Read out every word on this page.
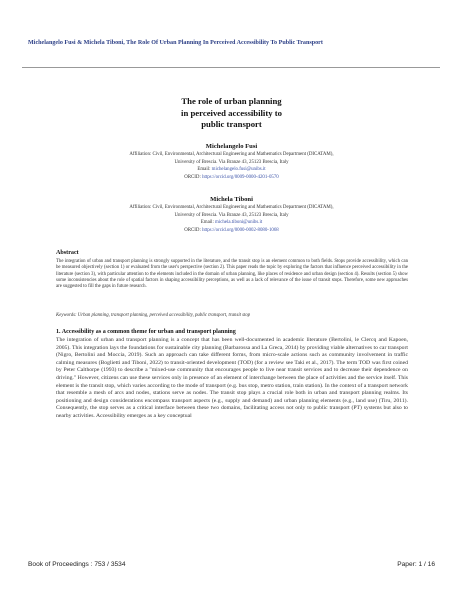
Michelangelo Fusi & Michela Tiboni, The Role Of Urban Planning In Perceived Accessibility To Public Transport
The role of urban planning
in perceived accessibility to
public transport
Michelangelo Fusi
Affiliation: Civil, Environmental, Architectural Engineering and Mathematics Department (DICATAM),
University of Brescia. Via Branze 43, 25123 Brescia, Italy
Email: michelangelo.fusi@unibs.it
ORCID: https://orcid.org/0009-0000-4201-0570
Michela Tiboni
Affiliation: Civil, Environmental, Architectural Engineering and Mathematics Department (DICATAM),
University of Brescia. Via Branze 43, 25123 Brescia, Italy
Email: michela.tiboni@unibs.it
ORCID: https://orcid.org/0000-0002-8080-1068
Abstract

The integration of urban and transport planning is strongly supported in the literature, and the transit stop is an element common to both fields. Stops provide accessibility, which can be measured objectively (section 1) or evaluated from the user's perspective (section 2). This paper reads the topic by exploring the factors that influence perceived accessibility in the literature (section 3), with particular attention to the elements included in the domain of urban planning, like places of residence and urban design (section 4). Results (section 5) show some inconsistencies about the role of spatial factors in shaping accessibility perceptions, as well as a lack of relevance of the issue of transit stops. Therefore, some new approaches are suggested to fill the gaps in future research.

Keywords: Urban planning, transport planning, perceived accessibility, public transport, transit stop

1. Accessibility as a common theme for urban and transport planning

The integration of urban and transport planning is a concept that has been well-documented in academic literature (Bertolini, le Clercq and Kapoen, 2005). This integration lays the foundations for sustainable city planning (Barbarossa and La Greca, 2014) by providing viable alternatives to car transport (Nigro, Bertolini and Moccia, 2019). Such an approach can take different forms, from micro-scale actions such as community involvement in traffic calming measures (Boglietti and Tiboni, 2022) to transit-oriented development (TOD) (for a review see Taki et al., 2017). The term TOD was first coined by Peter Calthorpe (1993) to describe a "mixed-use community that encourages people to live near transit services and to decrease their dependence on driving." However, citizens can use these services only in presence of an element of interchange between the place of activities and the service itself. This element is the transit stop, which varies according to the mode of transport (e.g. bus stop, metro station, train station). In the context of a transport network that resemble a mesh of arcs and nodes, stations serve as nodes. The transit stop plays a crucial role both in urban and transport planning realms. Its positioning and design considerations encompass transport aspects (e.g., supply and demand) and urban planning elements (e.g., land use) (Tiru, 2011). Consequently, the stop serves as a critical interface between these two domains, facilitating access not only to public transport (PT) systems but also to nearby activities. Accessibility emerges as a key conceptual

Book of Proceedings : 753 / 3534	Paper: 1 / 16
